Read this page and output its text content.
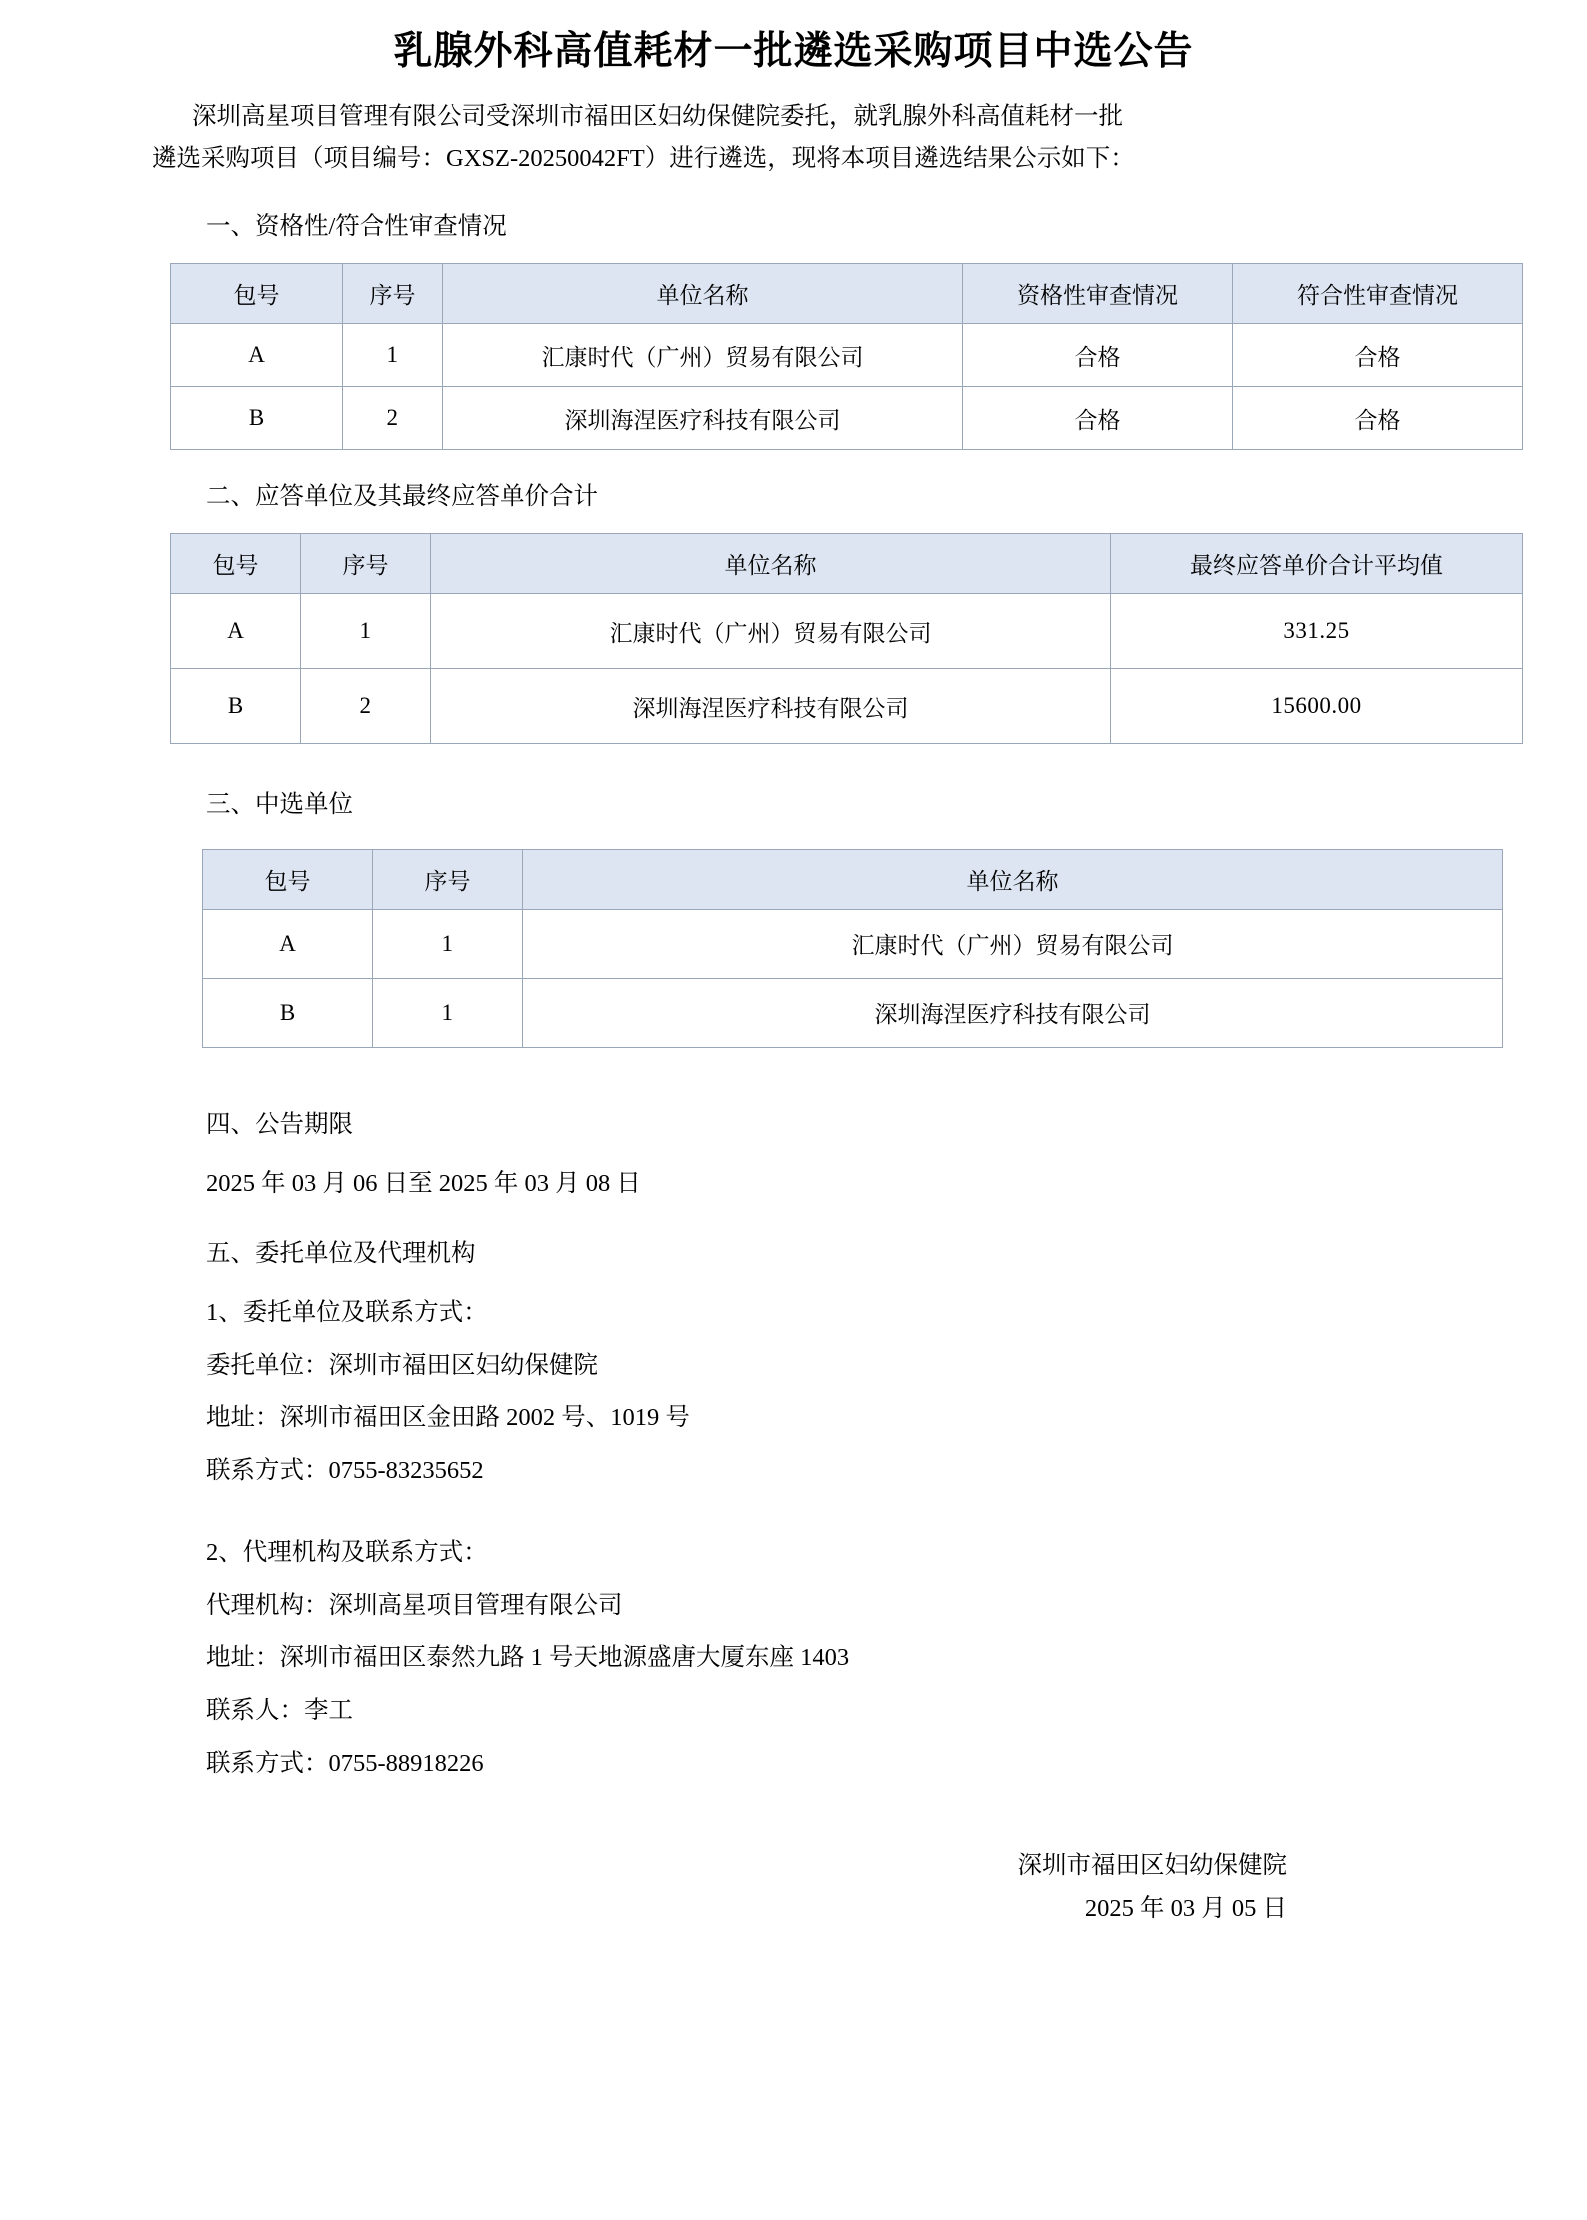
乳腺外科高值耗材一批遴选采购项目中选公告

深圳高星项目管理有限公司受深圳市福田区妇幼保健院委托，就乳腺外科高值耗材一批
遴选采购项目（项目编号：GXSZ-20250042FT）进行遴选，现将本项目遴选结果公示如下：

一、资格性/符合性审查情况
包号	序号	单位名称	资格性审查情况	符合性审查情况
A	1	汇康时代（广州）贸易有限公司	合格	合格
B	2	深圳海涅医疗科技有限公司	合格	合格
二、应答单位及其最终应答单价合计
包号	序号	单位名称	最终应答单价合计平均值
A	1	汇康时代（广州）贸易有限公司	331.25
B	2	深圳海涅医疗科技有限公司	15600.00
三、中选单位
包号	序号	单位名称
A	1	汇康时代（广州）贸易有限公司
B	1	深圳海涅医疗科技有限公司
四、公告期限
2025 年 03 月 06 日至 2025 年 03 月 08 日
五、委托单位及代理机构
1、委托单位及联系方式：
委托单位：深圳市福田区妇幼保健院
地址：深圳市福田区金田路 2002 号、1019 号
联系方式：0755-83235652
2、代理机构及联系方式：
代理机构：深圳高星项目管理有限公司
地址：深圳市福田区泰然九路 1 号天地源盛唐大厦东座 1403
联系人：李工
联系方式：0755-88918226
深圳市福田区妇幼保健院
2025 年 03 月 05 日
